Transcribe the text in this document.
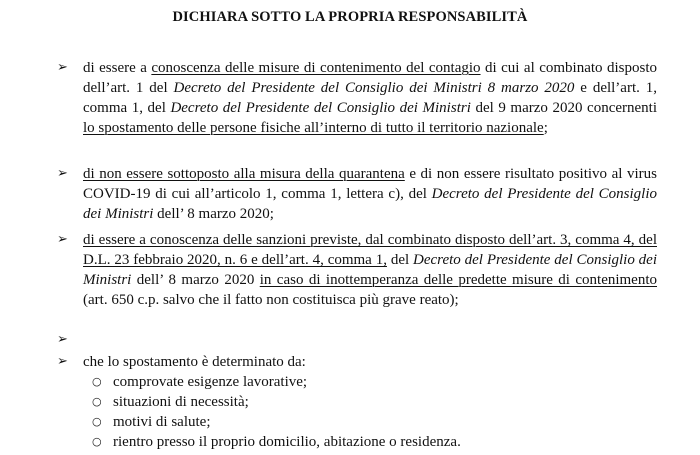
DICHIARA SOTTO LA PROPRIA RESPONSABILITÀ
➢ di essere a conoscenza delle misure di contenimento del contagio di cui al combinato disposto dell’art. 1 del Decreto del Presidente del Consiglio dei Ministri 8 marzo 2020 e dell’art. 1, comma 1, del Decreto del Presidente del Consiglio dei Ministri del 9 marzo 2020 concernenti lo spostamento delle persone fisiche all’interno di tutto il territorio nazionale;
➢ di non essere sottoposto alla misura della quarantena e di non essere risultato positivo al virus COVID-19 di cui all’articolo 1, comma 1, lettera c), del Decreto del Presidente del Consiglio dei Ministri dell’ 8 marzo 2020;
➢ di essere a conoscenza delle sanzioni previste, dal combinato disposto dell’art. 3, comma 4, del D.L. 23 febbraio 2020, n. 6 e dell’art. 4, comma 1, del Decreto del Presidente del Consiglio dei Ministri dell’ 8 marzo 2020 in caso di inottemperanza delle predette misure di contenimento (art. 650 c.p. salvo che il fatto non costituisca più grave reato);
➢
➢ che lo spostamento è determinato da:
○ comprovate esigenze lavorative;
○ situazioni di necessità;
○ motivi di salute;
○ rientro presso il proprio domicilio, abitazione o residenza.
